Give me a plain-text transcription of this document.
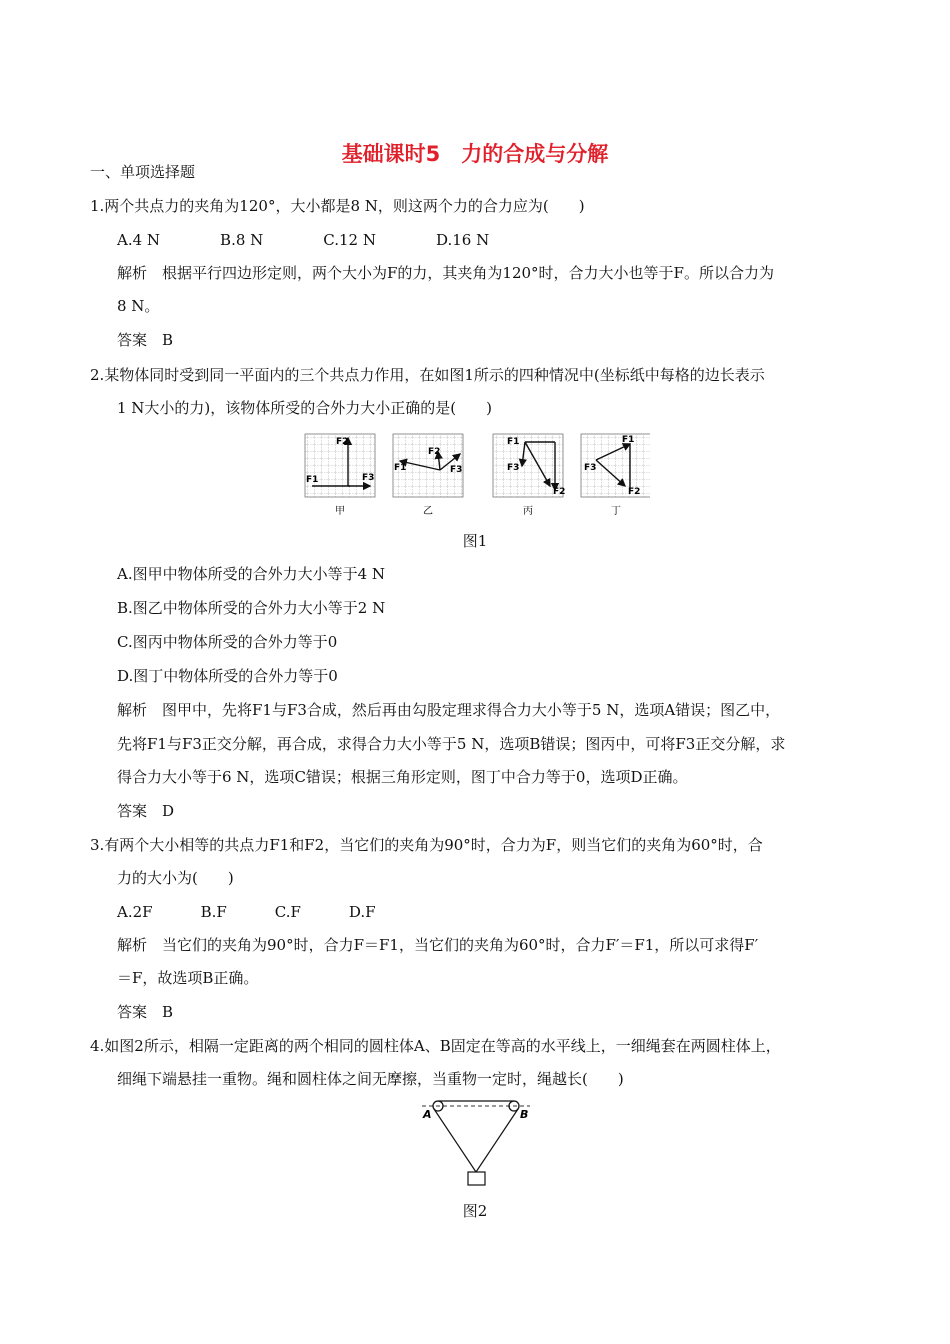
基础课时5　力的合成与分解
一、单项选择题
1.两个共点力的夹角为120°，大小都是8 N，则这两个力的合力应为(　　)
A.4 N	B.8 N	C.12 N	D.16 N
解析　根据平行四边形定则，两个大小为F的力，其夹角为120°时，合力大小也等于F。所以合力为
8 N。
答案　B
2.某物体同时受到同一平面内的三个共点力作用，在如图1所示的四种情况中(坐标纸中每格的边长表示
1 N大小的力)，该物体所受的合外力大小正确的是(　　)
F2
F1	F3
甲
F1
F2
F3
乙
F1
F3
F2
丙
F1
F3
F2
丁
图1
A.图甲中物体所受的合外力大小等于4 N
B.图乙中物体所受的合外力大小等于2 N
C.图丙中物体所受的合外力等于0
D.图丁中物体所受的合外力等于0
解析　图甲中，先将F1与F3合成，然后再由勾股定理求得合力大小等于5 N，选项A错误；图乙中，
先将F1与F3正交分解，再合成，求得合力大小等于5 N，选项B错误；图丙中，可将F3正交分解，求
得合力大小等于6 N，选项C错误；根据三角形定则，图丁中合力等于0，选项D正确。
答案　D
3.有两个大小相等的共点力F1和F2，当它们的夹角为90°时，合力为F，则当它们的夹角为60°时，合
力的大小为(　　)
A.2F	B.F	C.F	D.F
解析　当它们的夹角为90°时，合力F＝F1，当它们的夹角为60°时，合力F′＝F1，所以可求得F′
＝F，故选项B正确。
答案　B
4.如图2所示，相隔一定距离的两个相同的圆柱体A、B固定在等高的水平线上，一细绳套在两圆柱体上，
细绳下端悬挂一重物。绳和圆柱体之间无摩擦，当重物一定时，绳越长(　　)
A	B
图2
